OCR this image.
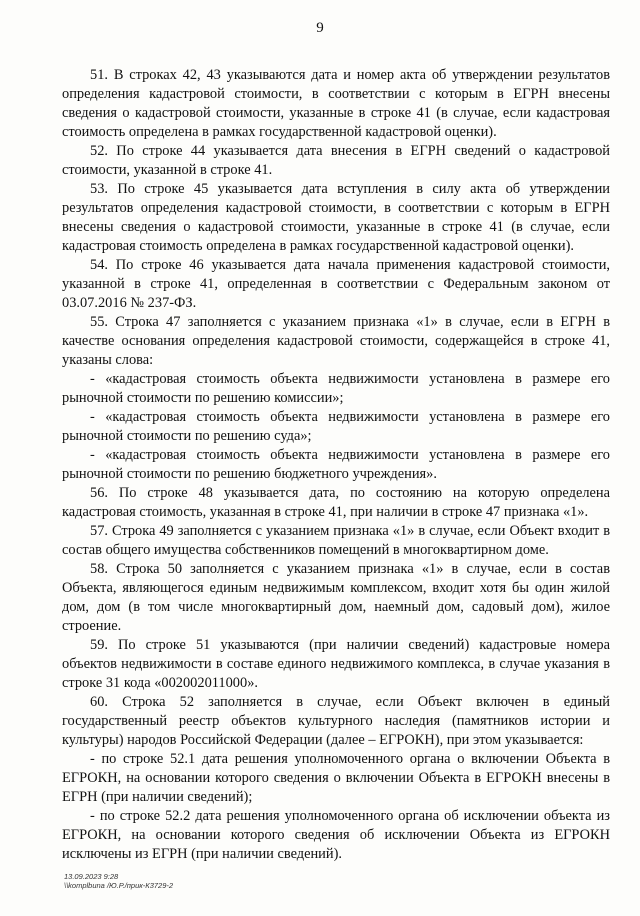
9

51. В строках 42, 43 указываются дата и номер акта об утверждении результатов определения кадастровой стоимости, в соответствии с которым в ЕГРН внесены сведения о кадастровой стоимости, указанные в строке 41 (в случае, если кадастровая стоимость определена в рамках государственной кадастровой оценки).

52. По строке 44 указывается дата внесения в ЕГРН сведений о кадастровой стоимости, указанной в строке 41.

53. По строке 45 указывается дата вступления в силу акта об утверждении результатов определения кадастровой стоимости, в соответствии с которым в ЕГРН внесены сведения о кадастровой стоимости, указанные в строке 41 (в случае, если кадастровая стоимость определена в рамках государственной кадастровой оценки).

54. По строке 46 указывается дата начала применения кадастровой стоимости, указанной в строке 41, определенная в соответствии с Федеральным законом от 03.07.2016 № 237-ФЗ.

55. Строка 47 заполняется с указанием признака «1» в случае, если в ЕГРН в качестве основания определения кадастровой стоимости, содержащейся в строке 41, указаны слова:

- «кадастровая стоимость объекта недвижимости установлена в размере его рыночной стоимости по решению комиссии»;

- «кадастровая стоимость объекта недвижимости установлена в размере его рыночной стоимости по решению суда»;

- «кадастровая стоимость объекта недвижимости установлена в размере его рыночной стоимости по решению бюджетного учреждения».

56. По строке 48 указывается дата, по состоянию на которую определена кадастровая стоимость, указанная в строке 41, при наличии в строке 47 признака «1».

57. Строка 49 заполняется с указанием признака «1» в случае, если Объект входит в состав общего имущества собственников помещений в многоквартирном доме.

58. Строка 50 заполняется с указанием признака «1» в случае, если в состав Объекта, являющегося единым недвижимым комплексом, входит хотя бы один жилой дом, дом (в том числе многоквартирный дом, наемный дом, садовый дом), жилое строение.

59. По строке 51 указываются (при наличии сведений) кадастровые номера объектов недвижимости в составе единого недвижимого комплекса, в случае указания в строке 31 кода «002002011000».

60. Строка 52 заполняется в случае, если Объект включен в единый государственный реестр объектов культурного наследия (памятников истории и культуры) народов Российской Федерации (далее – ЕГРОКН), при этом указывается:

- по строке 52.1 дата решения уполномоченного органа о включении Объекта в ЕГРОКН, на основании которого сведения о включении Объекта в ЕГРОКН внесены в ЕГРН (при наличии сведений);

- по строке 52.2 дата решения уполномоченного органа об исключении объекта из ЕГРОКН, на основании которого сведения об исключении Объекта из ЕГРОКН исключены из ЕГРН (при наличии сведений).

13.09.2023 9:28
\\komplbuna /Ю.Р./прик-К3729-2
